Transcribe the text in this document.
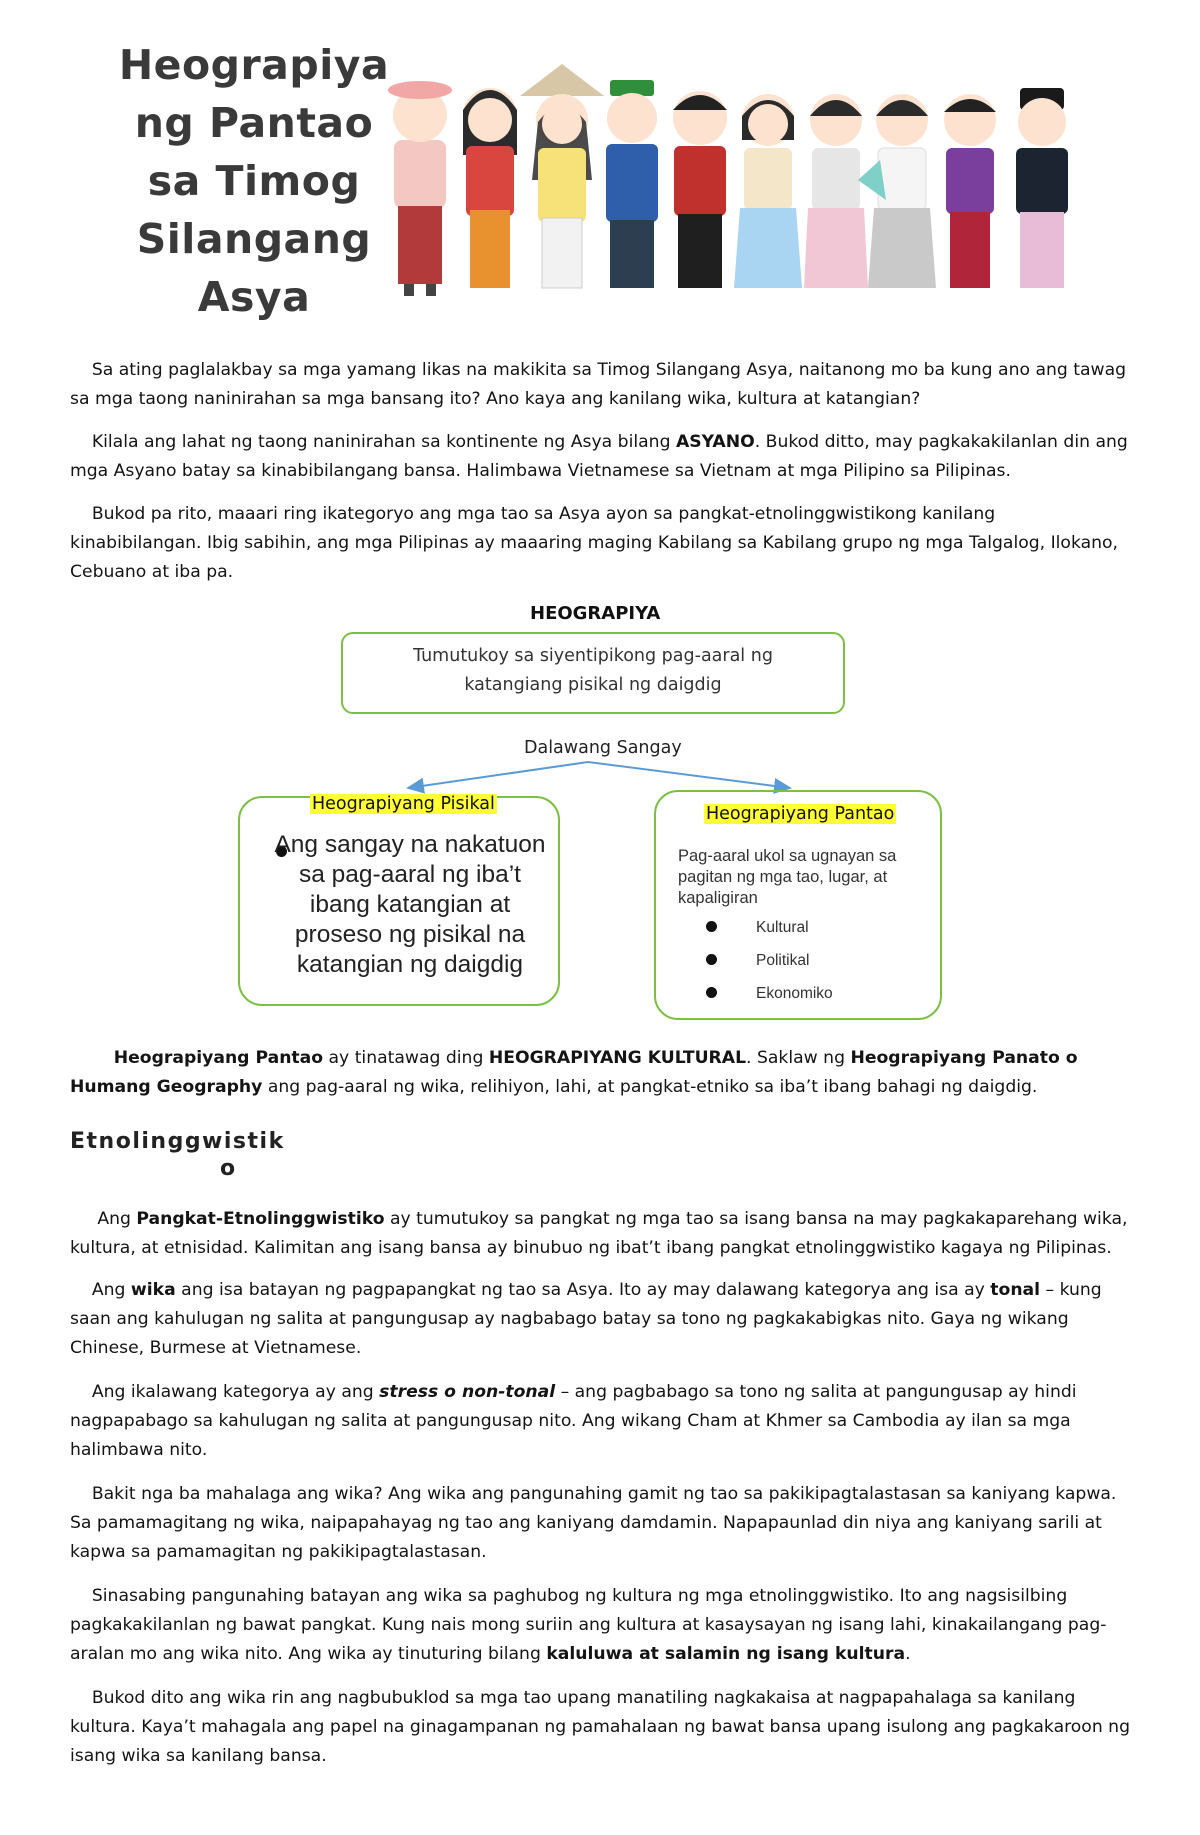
Heograpiya
ng Pantao
sa Timog
Silangang
Asya

Sa ating paglalakbay sa mga yamang likas na makikita sa Timog Silangang Asya, naitanong mo ba kung ano ang tawag sa mga taong naninirahan sa mga bansang ito? Ano kaya ang kanilang wika, kultura at katangian?

Kilala ang lahat ng taong naninirahan sa kontinente ng Asya bilang ASYANO. Bukod ditto, may pagkakakilanlan din ang mga Asyano batay sa kinabibilangang bansa. Halimbawa Vietnamese sa Vietnam at mga Pilipino sa Pilipinas.

Bukod pa rito, maaari ring ikategoryo ang mga tao sa Asya ayon sa pangkat-etnolinggwistikong kanilang kinabibilangan. Ibig sabihin, ang mga Pilipinas ay maaaring maging Kabilang sa Kabilang grupo ng mga Talgalog, Ilokano, Cebuano at iba pa.

HEOGRAPIYA
Tumutukoy sa siyentipikong pag-aaral ng katangiang pisikal ng daigdig
Dalawang Sangay
Heograpiyang Pisikal
Ang sangay na nakatuon sa pag-aaral ng iba’t ibang katangian at proseso ng pisikal na katangian ng daigdig
Heograpiyang Pantao
Pag-aaral ukol sa ugnayan sa pagitan ng mga tao, lugar, at kapaligiran
Kultural
Politikal
Ekonomiko

Heograpiyang Pantao ay tinatawag ding HEOGRAPIYANG KULTURAL. Saklaw ng Heograpiyang Panato o Humang Geography ang pag-aaral ng wika, relihiyon, lahi, at pangkat-etniko sa iba’t ibang bahagi ng daigdig.

Etnolinggwistik
o

Ang Pangkat-Etnolinggwistiko ay tumutukoy sa pangkat ng mga tao sa isang bansa na may pagkakaparehang wika, kultura, at etnisidad. Kalimitan ang isang bansa ay binubuo ng ibat’t ibang pangkat etnolinggwistiko kagaya ng Pilipinas.

Ang wika ang isa batayan ng pagpapangkat ng tao sa Asya. Ito ay may dalawang kategorya ang isa ay tonal – kung saan ang kahulugan ng salita at pangungusap ay nagbabago batay sa tono ng pagkakabigkas nito. Gaya ng wikang Chinese, Burmese at Vietnamese.

Ang ikalawang kategorya ay ang stress o non-tonal – ang pagbabago sa tono ng salita at pangungusap ay hindi nagpapabago sa kahulugan ng salita at pangungusap nito. Ang wikang Cham at Khmer sa Cambodia ay ilan sa mga halimbawa nito.

Bakit nga ba mahalaga ang wika? Ang wika ang pangunahing gamit ng tao sa pakikipagtalastasan sa kaniyang kapwa. Sa pamamagitang ng wika, naipapahayag ng tao ang kaniyang damdamin. Napapaunlad din niya ang kaniyang sarili at kapwa sa pamamagitan ng pakikipagtalastasan.

Sinasabing pangunahing batayan ang wika sa paghubog ng kultura ng mga etnolinggwistiko. Ito ang nagsisilbing pagkakakilanlan ng bawat pangkat. Kung nais mong suriin ang kultura at kasaysayan ng isang lahi, kinakailangang pag-aralan mo ang wika nito. Ang wika ay tinuturing bilang kaluluwa at salamin ng isang kultura.

Bukod dito ang wika rin ang nagbubuklod sa mga tao upang manatiling nagkakaisa at nagpapahalaga sa kanilang kultura. Kaya’t mahagala ang papel na ginagampanan ng pamahalaan ng bawat bansa upang isulong ang pagkakaroon ng isang wika sa kanilang bansa.
